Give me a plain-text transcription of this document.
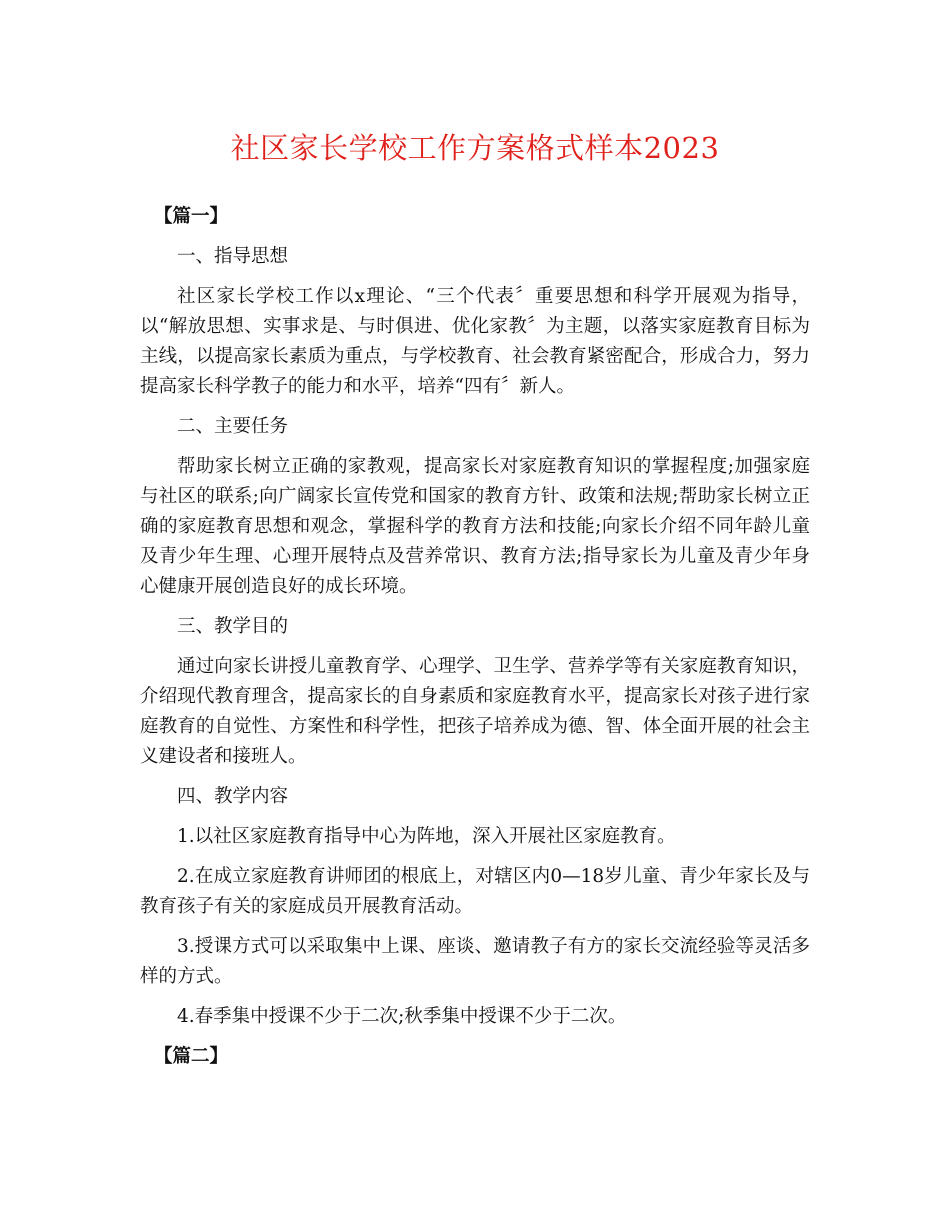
社区家长学校工作方案格式样本2023

【篇一】

一、指导思想

社区家长学校工作以x理论、“三个代表〞重要思想和科学开展观为指导，以“解放思想、实事求是、与时俱进、优化家教〞为主题，以落实家庭教育目标为主线，以提高家长素质为重点，与学校教育、社会教育紧密配合，形成合力，努力提高家长科学教子的能力和水平，培养“四有〞新人。

二、主要任务

帮助家长树立正确的家教观，提高家长对家庭教育知识的掌握程度;加强家庭与社区的联系;向广阔家长宣传党和国家的教育方针、政策和法规;帮助家长树立正确的家庭教育思想和观念，掌握科学的教育方法和技能;向家长介绍不同年龄儿童及青少年生理、心理开展特点及营养常识、教育方法;指导家长为儿童及青少年身心健康开展创造良好的成长环境。

三、教学目的

通过向家长讲授儿童教育学、心理学、卫生学、营养学等有关家庭教育知识，介绍现代教育理含，提高家长的自身素质和家庭教育水平，提高家长对孩子进行家庭教育的自觉性、方案性和科学性，把孩子培养成为德、智、体全面开展的社会主义建设者和接班人。

四、教学内容

1.以社区家庭教育指导中心为阵地，深入开展社区家庭教育。

2.在成立家庭教育讲师团的根底上，对辖区内0—18岁儿童、青少年家长及与教育孩子有关的家庭成员开展教育活动。

3.授课方式可以采取集中上课、座谈、邀请教子有方的家长交流经验等灵活多样的方式。

4.春季集中授课不少于二次;秋季集中授课不少于二次。

【篇二】
